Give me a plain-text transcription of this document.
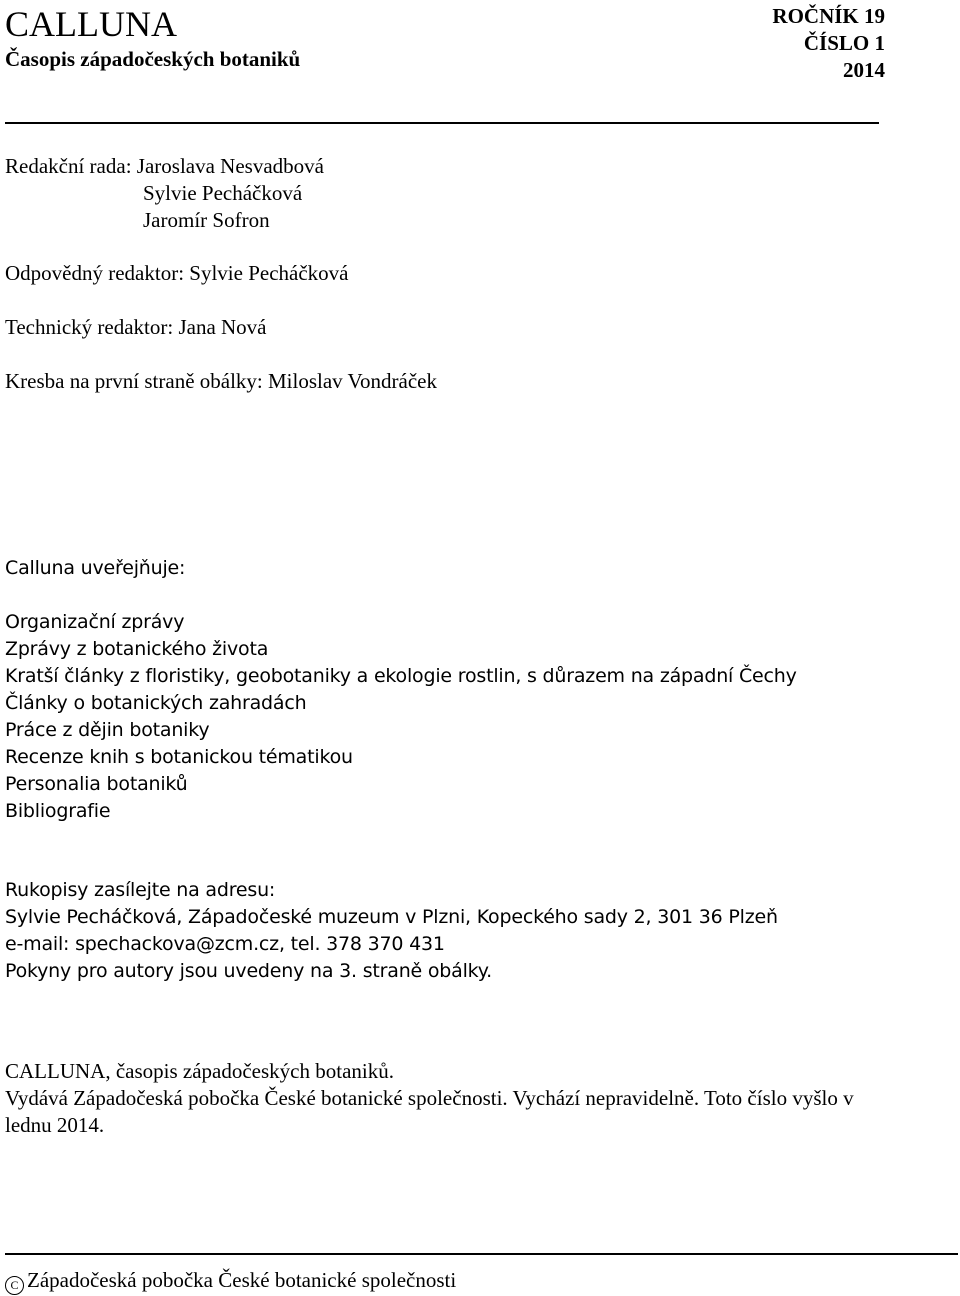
CALLUNA
Časopis západočeských botaniků
ROČNÍK 19
ČÍSLO 1
2014
Redakční rada: Jaroslava Nesvadbová
Sylvie Pecháčková
Jaromír Sofron
Odpovědný redaktor: Sylvie Pecháčková
Technický redaktor: Jana Nová
Kresba na první straně obálky: Miloslav Vondráček
Calluna uveřejňuje:
Organizační zprávy
Zprávy z botanického života
Kratší články z floristiky, geobotaniky a ekologie rostlin, s důrazem na západní Čechy
Články o botanických zahradách
Práce z dějin botaniky
Recenze knih s botanickou tématikou
Personalia botaniků
Bibliografie
Rukopisy zasílejte na adresu:
Sylvie Pecháčková, Západočeské muzeum v Plzni, Kopeckého sady 2, 301 36 Plzeň
e-mail: spechackova@zcm.cz, tel. 378 370 431
Pokyny pro autory jsou uvedeny na 3. straně obálky.
CALLUNA, časopis západočeských botaniků.
Vydává Západočeská pobočka České botanické společnosti. Vychází nepravidelně. Toto číslo vyšlo v lednu 2014.
C Západočeská pobočka České botanické společnosti
